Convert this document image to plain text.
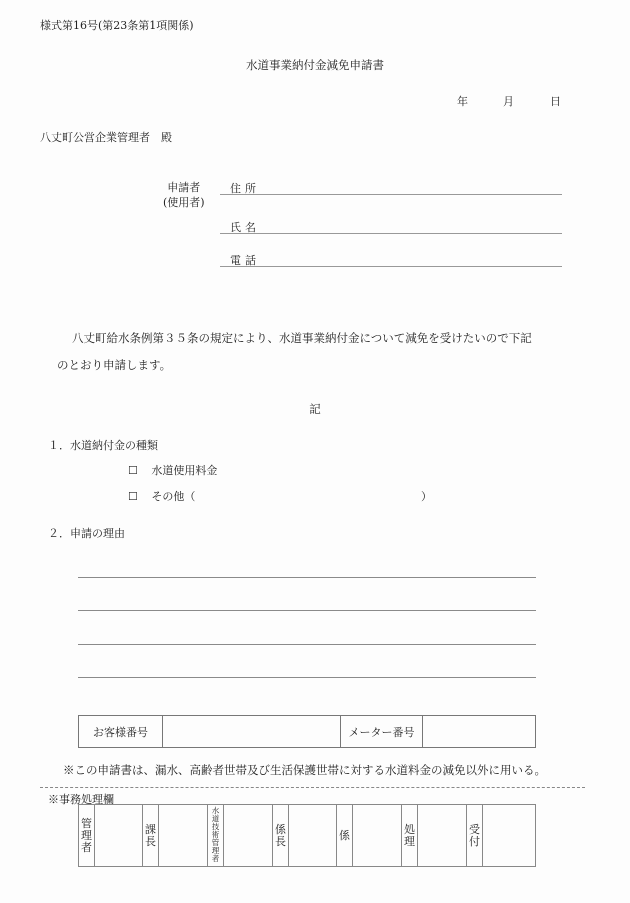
様式第16号(第23条第1項関係)
水道事業納付金減免申請書
年	月	日
八丈町公営企業管理者　殿
申請者
(使用者)
住所
氏名
電話
八丈町給水条例第３５条の規定により、水道事業納付金について減免を受けたいので下記
のとおり申請します。
記
１．水道納付金の種類
☐ 水道使用料金
☐ その他（	）
２．申請の理由
お客様番号		メーター番号	
※この申請書は、漏水、高齢者世帯及び生活保護世帯に対する水道料金の減免以外に用いる。
※事務処理欄
管理者		課長		水道技術管理者		係長		係		処理		受付	
